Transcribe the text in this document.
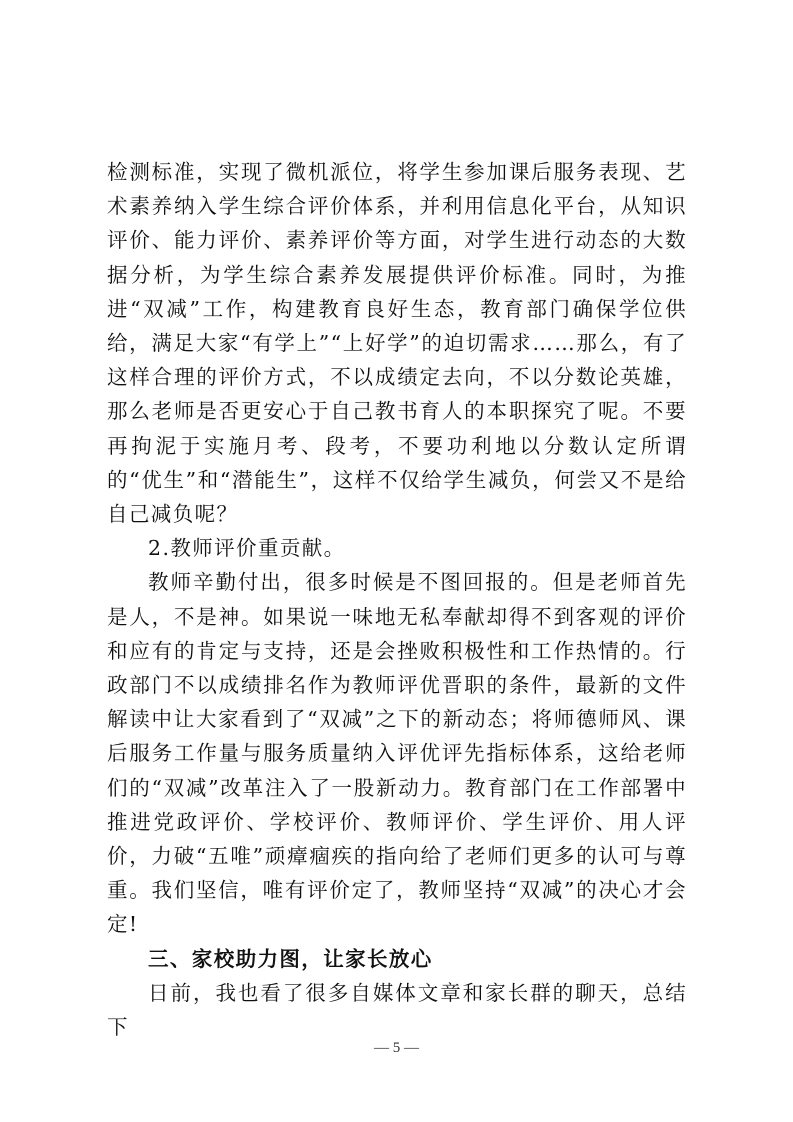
检测标准，实现了微机派位，将学生参加课后服务表现、艺术素养纳入学生综合评价体系，并利用信息化平台，从知识评价、能力评价、素养评价等方面，对学生进行动态的大数据分析，为学生综合素养发展提供评价标准。同时，为推进“双减”工作，构建教育良好生态，教育部门确保学位供给，满足大家“有学上”“上好学”的迫切需求……那么，有了这样合理的评价方式，不以成绩定去向，不以分数论英雄，那么老师是否更安心于自己教书育人的本职探究了呢。不要再拘泥于实施月考、段考，不要功利地以分数认定所谓的“优生”和“潜能生”，这样不仅给学生减负，何尝又不是给自己减负呢？

2.教师评价重贡献。

教师辛勤付出，很多时候是不图回报的。但是老师首先是人，不是神。如果说一味地无私奉献却得不到客观的评价和应有的肯定与支持，还是会挫败积极性和工作热情的。行政部门不以成绩排名作为教师评优晋职的条件，最新的文件解读中让大家看到了“双减”之下的新动态；将师德师风、课后服务工作量与服务质量纳入评优评先指标体系，这给老师们的“双减”改革注入了一股新动力。教育部门在工作部署中推进党政评价、学校评价、教师评价、学生评价、用人评价，力破“五唯”顽瘴痼疾的指向给了老师们更多的认可与尊重。我们坚信，唯有评价定了，教师坚持“双减”的决心才会定!

三、家校助力图，让家长放心

日前，我也看了很多自媒体文章和家长群的聊天，总结下

— 5 —
